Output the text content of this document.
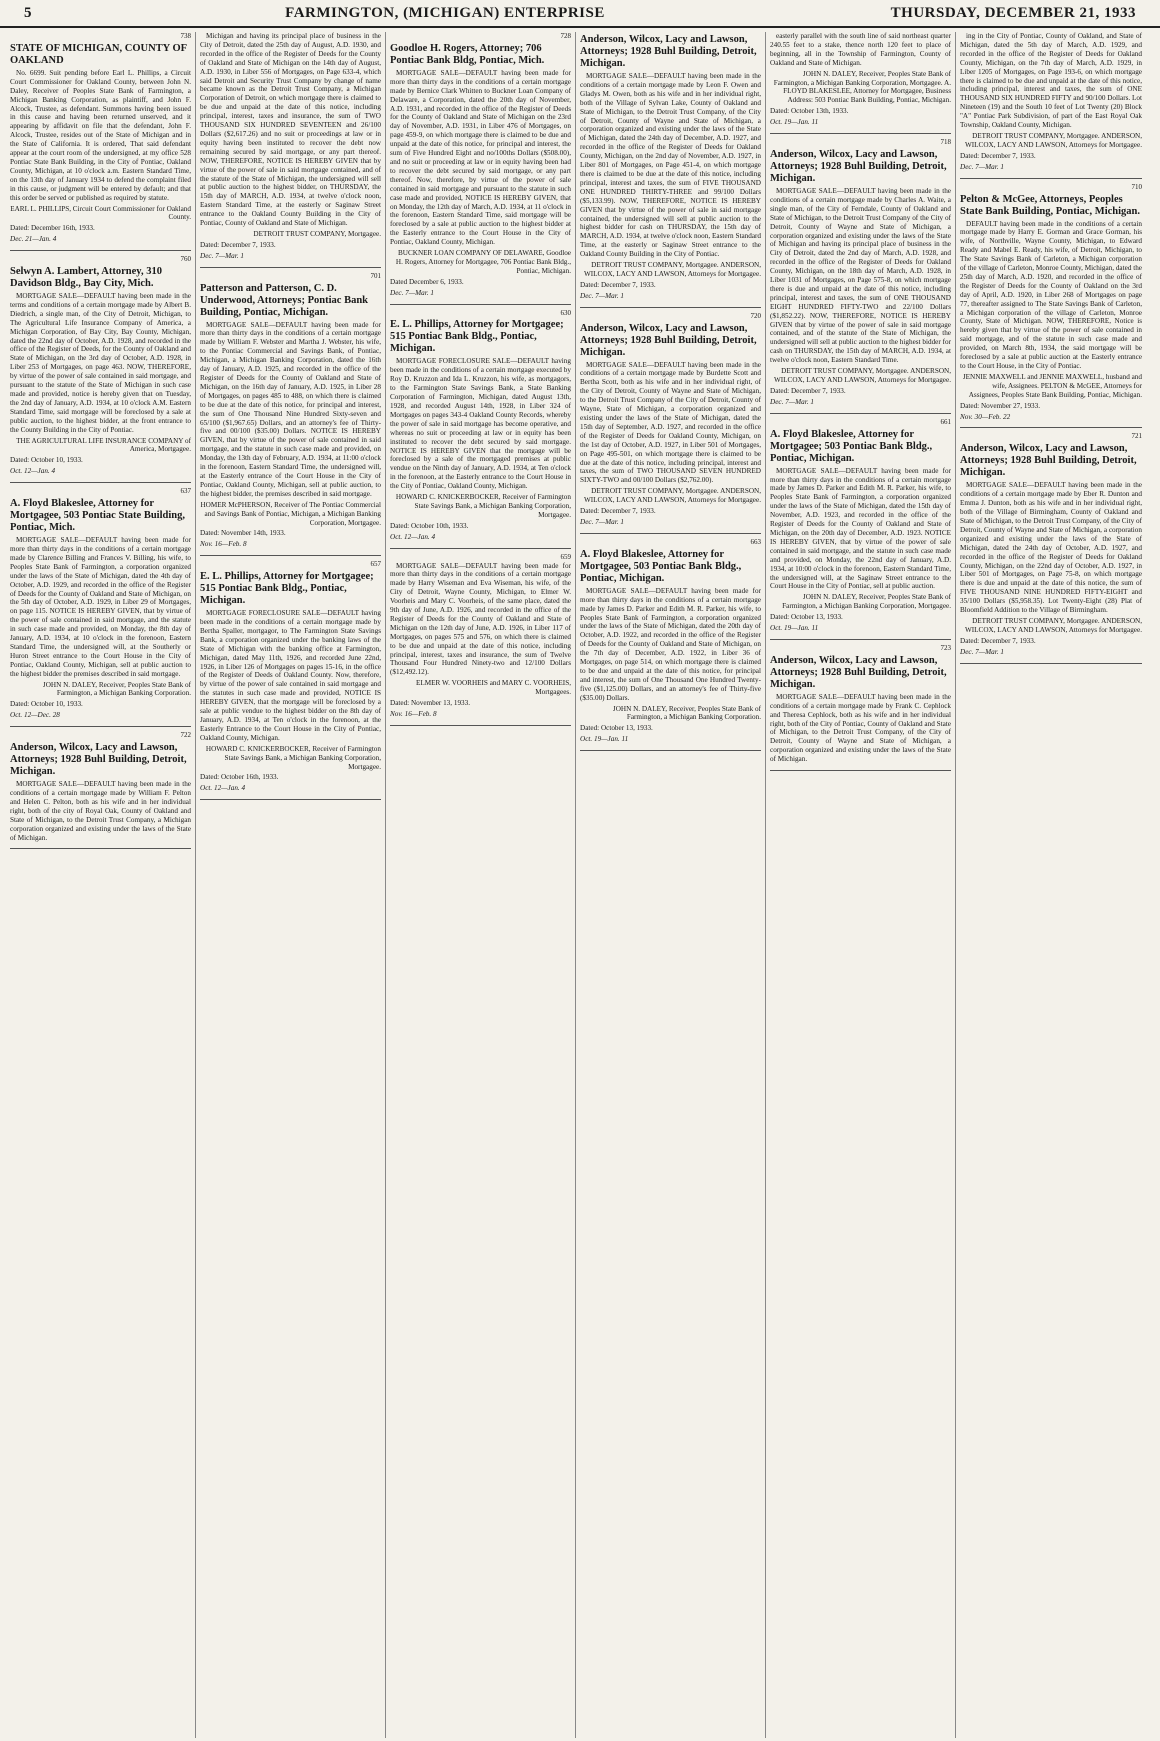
5	FARMINGTON, (MICHIGAN) ENTERPRISE	THURSDAY, DECEMBER 21, 1933
738
STATE OF MICHIGAN, COUNTY OF OAKLAND

No. 6699. Suit pending before Earl L. Phillips, a Circuit Court Commissioner for Oakland County, between John N. Daley, Receiver of Peoples State Bank of Farmington, a Michigan Banking Corporation, as plaintiff, and John F. Alcock, Trustee, as defendant. Summons having been issued in this cause and having been returned unserved, and it appearing by affidavit on file that the defendant, John F. Alcock, Trustee, resides out of the State of Michigan and in the State of California. It is ordered, That said defendant appear at the court room of the undersigned, at my office 528 Pontiac State Bank Building, in the City of Pontiac, Oakland County, Michigan, at 10 o'clock a.m. Eastern Standard Time, on the 13th day of January 1934 to defend the complaint filed in this cause, or judgment will be entered by default; and that this order be served or published as required by statute.

EARL L. PHILLIPS, Circuit Court Commissioner for Oakland County.
Dated: December 16th, 1933.
Dec. 21—Jan. 4
760
Selwyn A. Lambert, Attorney, 310 Davidson Bldg., Bay City, Mich.

MORTGAGE SALE—DEFAULT having been made in the terms and conditions of a certain mortgage made by Albert B. Diedrich, a single man, of the City of Detroit, Michigan, to The Agricultural Life Insurance Company of America, a Michigan Corporation, of Bay City, Bay County, Michigan, dated the 22nd day of October, A.D. 1928, and recorded in the office of the Register of Deeds, for the County of Oakland and State of Michigan, on the 3rd day of October, A.D. 1928, in Liber 253 of Mortgages, on page 463. NOW, THEREFORE, by virtue of the power of sale contained in said mortgage, and pursuant to the statute of the State of Michigan in such case made and provided, notice is hereby given that on Tuesday, the 2nd day of January, A.D. 1934, at 10 o'clock A.M. Eastern Standard Time, said mortgage will be foreclosed by a sale at public auction, to the highest bidder, at the front entrance to the County Building in the City of Pontiac.

THE AGRICULTURAL LIFE INSURANCE COMPANY of America, Mortgagee.
Dated: October 10, 1933.
Oct. 12—Jan. 4
637
A. Floyd Blakeslee, Attorney for Mortgagee, 503 Pontiac State Building, Pontiac, Mich.

MORTGAGE SALE—DEFAULT having been made for more than thirty days in the conditions of a certain mortgage made by Clarence Billing and Frances V. Billing, his wife, to Peoples State Bank of Farmington, a corporation organized under the laws of the State of Michigan, dated the 4th day of October, A.D. 1929, and recorded in the office of the Register of Deeds for the County of Oakland and State of Michigan, on the 5th day of October, A.D. 1929, in Liber 29 of Mortgages, on page 115. NOTICE IS HEREBY GIVEN, that by virtue of the power of sale contained in said mortgage, and the statute in such case made and provided, on Monday, the 8th day of January, A.D. 1934, at 10 o'clock in the forenoon, Eastern Standard Time, the undersigned will, at the Southerly or Huron Street entrance to the Court House in the City of Pontiac, Oakland County, Michigan, sell at public auction to the highest bidder the premises described in said mortgage.

JOHN N. DALEY, Receiver, Peoples State Bank of Farmington, a Michigan Banking Corporation.
Dated: October 10, 1933.
Oct. 12—Dec. 28
722
Anderson, Wilcox, Lacy and Lawson, Attorneys; 1928 Buhl Building, Detroit, Michigan.

MORTGAGE SALE—DEFAULT having been made in the conditions of a certain mortgage made by William F. Pelton and Helen C. Pelton, both as his wife and in her individual right, both of the city of Royal Oak, County of Oakland and State of Michigan, to the Detroit Trust Company, a Michigan corporation organized and existing under the laws of the State of Michigan.

Michigan and having its principal place of business in the City of Detroit, dated the 25th day of August, A.D. 1930, and recorded in the office of the Register of Deeds for the County of Oakland and State of Michigan on the 14th day of August, A.D. 1930, in Liber 556 of Mortgages, on Page 633-4, which said Detroit and Security Trust Company by change of name became known as the Detroit Trust Company, a Michigan Corporation of Detroit, on which mortgage there is claimed to be due and unpaid at the date of this notice, including principal, interest, taxes and insurance, the sum of TWO THOUSAND SIX HUNDRED SEVENTEEN and 26/100 Dollars ($2,617.26) and no suit or proceedings at law or in equity having been instituted to recover the debt now remaining secured by said mortgage, or any part thereof. NOW, THEREFORE, NOTICE IS HEREBY GIVEN that by virtue of the power of sale in said mortgage contained, and of the statute of the State of Michigan, the undersigned will sell at public auction to the highest bidder, on THURSDAY, the 15th day of MARCH, A.D. 1934, at twelve o'clock noon, Eastern Standard Time, at the easterly or Saginaw Street entrance to the Oakland County Building in the City of Pontiac, County of Oakland and State of Michigan.

DETROIT TRUST COMPANY, Mortgagee.
Dated: December 7, 1933.
Dec. 7—Mar. 1
701
Patterson and Patterson, C. D. Underwood, Attorneys; Pontiac Bank Building, Pontiac, Michigan.

MORTGAGE SALE—DEFAULT having been made for more than thirty days in the conditions of a certain mortgage made by William F. Webster and Martha J. Webster, his wife, to the Pontiac Commercial and Savings Bank, of Pontiac, Michigan, a Michigan Banking Corporation, dated the 16th day of January, A.D. 1925, and recorded in the office of the Register of Deeds for the County of Oakland and State of Michigan, on the 16th day of January, A.D. 1925, in Liber 28 of Mortgages, on pages 485 to 488, on which there is claimed to be due at the date of this notice, for principal and interest, the sum of One Thousand Nine Hundred Sixty-seven and 65/100 ($1,967.65) Dollars, and an attorney's fee of Thirty-five and 00/100 ($35.00) Dollars. NOTICE IS HEREBY GIVEN, that by virtue of the power of sale contained in said mortgage, and the statute in such case made and provided, on Monday, the 13th day of February, A.D. 1934, at 11:00 o'clock in the forenoon, Eastern Standard Time, the undersigned will, at the Easterly entrance of the Court House in the City of Pontiac, Oakland County, Michigan, sell at public auction, to the highest bidder, the premises described in said mortgage.

HOMER McPHERSON, Receiver of The Pontiac Commercial and Savings Bank of Pontiac, Michigan, a Michigan Banking Corporation, Mortgagee.
Dated: November 14th, 1933.
Nov. 16—Feb. 8
657
E. L. Phillips, Attorney for Mortgagee; 515 Pontiac Bank Bldg., Pontiac, Michigan.

MORTGAGE FORECLOSURE SALE—DEFAULT having been made in the conditions of a certain mortgage made by Bertha Spaller, mortgagor, to The Farmington State Savings Bank, a corporation organized under the banking laws of the State of Michigan with the banking office at Farmington, Michigan, dated May 11th, 1926, and recorded June 22nd, 1926, in Liber 126 of Mortgages on pages 15-16, in the office of the Register of Deeds of Oakland County. Now, therefore, by virtue of the power of sale contained in said mortgage and the statutes in such case made and provided, NOTICE IS HEREBY GIVEN, that the mortgage will be foreclosed by a sale at public vendue to the highest bidder on the 8th day of January, A.D. 1934, at Ten o'clock in the forenoon, at the Easterly Entrance to the Court House in the City of Pontiac, Oakland County, Michigan.

HOWARD C. KNICKERBOCKER, Receiver of Farmington State Savings Bank, a Michigan Banking Corporation, Mortgagee.
Dated: October 16th, 1933.
Oct. 12—Jan. 4
728
Goodloe H. Rogers, Attorney; 706 Pontiac Bank Bldg, Pontiac, Mich.

MORTGAGE SALE—DEFAULT having been made for more than thirty days in the conditions of a certain mortgage made by Bernice Clark Whitten to Buckner Loan Company of Delaware, a Corporation, dated the 20th day of November, A.D. 1931, and recorded in the office of the Register of Deeds for the County of Oakland and State of Michigan on the 23rd day of November, A.D. 1931, in Liber 476 of Mortgages, on page 459-9, on which mortgage there is claimed to be due and unpaid at the date of this notice, for principal and interest, the sum of Five Hundred Eight and no/100ths Dollars ($508.00), and no suit or proceeding at law or in equity having been had to recover the debt secured by said mortgage, or any part thereof. Now, therefore, by virtue of the power of sale contained in said mortgage and pursuant to the statute in such case made and provided, NOTICE IS HEREBY GIVEN, that on Monday, the 12th day of March, A.D. 1934, at 11 o'clock in the forenoon, Eastern Standard Time, said mortgage will be foreclosed by a sale at public auction to the highest bidder at the Easterly entrance to the Court House in the City of Pontiac, Oakland County, Michigan.

BUCKNER LOAN COMPANY OF DELAWARE, Goodloe H. Rogers, Attorney for Mortgagee, 706 Pontiac Bank Bldg., Pontiac, Michigan.
Dated December 6, 1933.
Dec. 7—Mar. 1
630
E. L. Phillips, Attorney for Mortgagee; 515 Pontiac Bank Bldg., Pontiac, Michigan.

MORTGAGE FORECLOSURE SALE—DEFAULT having been made in the conditions of a certain mortgage executed by Roy D. Kruzzon and Ida L. Kruzzon, his wife, as mortgagors, to the Farmington State Savings Bank, a State Banking Corporation of Farmington, Michigan, dated August 13th, 1928, and recorded August 14th, 1928, in Liber 324 of Mortgages on pages 343-4 Oakland County Records, whereby the power of sale in said mortgage has become operative, and whereas no suit or proceeding at law or in equity has been instituted to recover the debt secured by said mortgage. NOTICE IS HEREBY GIVEN that the mortgage will be foreclosed by a sale of the mortgaged premises at public vendue on the Ninth day of January, A.D. 1934, at Ten o'clock in the forenoon, at the Easterly entrance to the Court House in the City of Pontiac, Oakland County, Michigan.

HOWARD C. KNICKERBOCKER, Receiver of Farmington State Savings Bank, a Michigan Banking Corporation, Mortgagee.
Dated: October 10th, 1933.
Oct. 12—Jan. 4
659

MORTGAGE SALE—DEFAULT having been made for more than thirty days in the conditions of a certain mortgage made by Harry Wiseman and Eva Wiseman, his wife, of the City of Detroit, Wayne County, Michigan, to Elmer W. Voorheis and Mary C. Voorheis, of the same place, dated the 9th day of June, A.D. 1926, and recorded in the office of the Register of Deeds for the County of Oakland and State of Michigan on the 12th day of June, A.D. 1926, in Liber 117 of Mortgages, on pages 575 and 576, on which there is claimed to be due and unpaid at the date of this notice, including principal, interest, taxes and insurance, the sum of Twelve Thousand Four Hundred Ninety-two and 12/100 Dollars ($12,492.12).

ELMER W. VOORHEIS and MARY C. VOORHEIS, Mortgagees.
Dated: November 13, 1933.
Nov. 16—Feb. 8
Anderson, Wilcox, Lacy and Lawson, Attorneys; 1928 Buhl Building, Detroit, Michigan.

MORTGAGE SALE—DEFAULT having been made in the conditions of a certain mortgage made by Leon F. Owen and Gladys M. Owen, both as his wife and in her individual right, both of the Village of Sylvan Lake, County of Oakland and State of Michigan, to the Detroit Trust Company, of the City of Detroit, County of Wayne and State of Michigan, a corporation organized and existing under the laws of the State of Michigan, dated the 24th day of December, A.D. 1927, and recorded in the office of the Register of Deeds for Oakland County, Michigan, on the 2nd day of November, A.D. 1927, in Liber 801 of Mortgages, on Page 451-4, on which mortgage there is claimed to be due at the date of this notice, including principal, interest and taxes, the sum of FIVE THOUSAND ONE HUNDRED THIRTY-THREE and 99/100 Dollars ($5,133.99). NOW, THEREFORE, NOTICE IS HEREBY GIVEN that by virtue of the power of sale in said mortgage contained, the undersigned will sell at public auction to the highest bidder for cash on THURSDAY, the 15th day of MARCH, A.D. 1934, at twelve o'clock noon, Eastern Standard Time, at the easterly or Saginaw Street entrance to the Oakland County Building in the City of Pontiac.

DETROIT TRUST COMPANY, Mortgagee. ANDERSON, WILCOX, LACY AND LAWSON, Attorneys for Mortgagee.
Dated: December 7, 1933.
Dec. 7—Mar. 1
720
Anderson, Wilcox, Lacy and Lawson, Attorneys; 1928 Buhl Building, Detroit, Michigan.

MORTGAGE SALE—DEFAULT having been made in the conditions of a certain mortgage made by Burdette Scott and Bertha Scott, both as his wife and in her individual right, of the City of Detroit, County of Wayne and State of Michigan, to the Detroit Trust Company of the City of Detroit, County of Wayne, State of Michigan, a corporation organized and existing under the laws of the State of Michigan, dated the 15th day of September, A.D. 1927, and recorded in the office of the Register of Deeds for Oakland County, Michigan, on the 1st day of October, A.D. 1927, in Liber 501 of Mortgages, on Page 495-501, on which mortgage there is claimed to be due at the date of this notice, including principal, interest and taxes, the sum of TWO THOUSAND SEVEN HUNDRED SIXTY-TWO and 00/100 Dollars ($2,762.00).

DETROIT TRUST COMPANY, Mortgagee. ANDERSON, WILCOX, LACY AND LAWSON, Attorneys for Mortgagee.
Dated: December 7, 1933.
Dec. 7—Mar. 1
663
A. Floyd Blakeslee, Attorney for Mortgagee, 503 Pontiac Bank Bldg., Pontiac, Michigan.

MORTGAGE SALE—DEFAULT having been made for more than thirty days in the conditions of a certain mortgage made by James D. Parker and Edith M. R. Parker, his wife, to Peoples State Bank of Farmington, a corporation organized under the laws of the State of Michigan, dated the 20th day of October, A.D. 1922, and recorded in the office of the Register of Deeds for the County of Oakland and State of Michigan, on the 7th day of December, A.D. 1922, in Liber 36 of Mortgages, on page 514, on which mortgage there is claimed to be due and unpaid at the date of this notice, for principal and interest, the sum of One Thousand One Hundred Twenty-five ($1,125.00) Dollars, and an attorney's fee of Thirty-five ($35.00) Dollars.

JOHN N. DALEY, Receiver, Peoples State Bank of Farmington, a Michigan Banking Corporation.
Dated: October 13, 1933.
Oct. 19—Jan. 11

easterly parallel with the south line of said northeast quarter 240.55 feet to a stake, thence north 120 feet to place of beginning, all in the Township of Farmington, County of Oakland and State of Michigan.

JOHN N. DALEY, Receiver, Peoples State Bank of Farmington, a Michigan Banking Corporation, Mortgagee. A. FLOYD BLAKESLEE, Attorney for Mortgagee, Business Address: 503 Pontiac Bank Building, Pontiac, Michigan.
Dated: October 13th, 1933.
Oct. 19—Jan. 11
718
Anderson, Wilcox, Lacy and Lawson, Attorneys; 1928 Buhl Building, Detroit, Michigan.

MORTGAGE SALE—DEFAULT having been made in the conditions of a certain mortgage made by Charles A. Waite, a single man, of the City of Ferndale, County of Oakland and State of Michigan, to the Detroit Trust Company of the City of Detroit, County of Wayne and State of Michigan, a corporation organized and existing under the laws of the State of Michigan and having its principal place of business in the City of Detroit, dated the 2nd day of March, A.D. 1928, and recorded in the office of the Register of Deeds for Oakland County, Michigan, on the 18th day of March, A.D. 1928, in Liber 1031 of Mortgages, on Page 575-8, on which mortgage there is due and unpaid at the date of this notice, including principal, interest and taxes, the sum of ONE THOUSAND EIGHT HUNDRED FIFTY-TWO and 22/100 Dollars ($1,852.22). NOW, THEREFORE, NOTICE IS HEREBY GIVEN that by virtue of the power of sale in said mortgage contained, and of the statute of the State of Michigan, the undersigned will sell at public auction to the highest bidder for cash on THURSDAY, the 15th day of MARCH, A.D. 1934, at twelve o'clock noon, Eastern Standard Time.

DETROIT TRUST COMPANY, Mortgagee. ANDERSON, WILCOX, LACY AND LAWSON, Attorneys for Mortgagee.
Dated: December 7, 1933.
Dec. 7—Mar. 1
661
A. Floyd Blakeslee, Attorney for Mortgagee; 503 Pontiac Bank Bldg., Pontiac, Michigan.

MORTGAGE SALE—DEFAULT having been made for more than thirty days in the conditions of a certain mortgage made by James D. Parker and Edith M. R. Parker, his wife, to Peoples State Bank of Farmington, a corporation organized under the laws of the State of Michigan, dated the 15th day of November, A.D. 1923, and recorded in the office of the Register of Deeds for the County of Oakland and State of Michigan, on the 20th day of December, A.D. 1923. NOTICE IS HEREBY GIVEN, that by virtue of the power of sale contained in said mortgage, and the statute in such case made and provided, on Monday, the 22nd day of January, A.D. 1934, at 10:00 o'clock in the forenoon, Eastern Standard Time, the undersigned will, at the Saginaw Street entrance to the Court House in the City of Pontiac, sell at public auction.

JOHN N. DALEY, Receiver, Peoples State Bank of Farmington, a Michigan Banking Corporation, Mortgagee.
Dated: October 13, 1933.
Oct. 19—Jan. 11
723
Anderson, Wilcox, Lacy and Lawson, Attorneys; 1928 Buhl Building, Detroit, Michigan.

MORTGAGE SALE—DEFAULT having been made in the conditions of a certain mortgage made by Frank C. Cephlock and Theresa Cephlock, both as his wife and in her individual right, both of the City of Pontiac, County of Oakland and State of Michigan, to the Detroit Trust Company, of the City of Detroit, County of Wayne and State of Michigan, a corporation organized and existing under the laws of the State of Michigan.

ing in the City of Pontiac, County of Oakland, and State of Michigan, dated the 5th day of March, A.D. 1929, and recorded in the office of the Register of Deeds for Oakland County, Michigan, on the 7th day of March, A.D. 1929, in Liber 1205 of Mortgages, on Page 193-6, on which mortgage there is claimed to be due and unpaid at the date of this notice, including principal, interest and taxes, the sum of ONE THOUSAND SIX HUNDRED FIFTY and 90/100 Dollars. Lot Nineteen (19) and the South 10 feet of Lot Twenty (20) Block "A" Pontiac Park Subdivision, of part of the East Royal Oak Township, Oakland County, Michigan.

DETROIT TRUST COMPANY, Mortgagee. ANDERSON, WILCOX, LACY AND LAWSON, Attorneys for Mortgagee.
Dated: December 7, 1933.
Dec. 7—Mar. 1
710
Pelton & McGee, Attorneys, Peoples State Bank Building, Pontiac, Michigan.

DEFAULT having been made in the conditions of a certain mortgage made by Harry E. Gorman and Grace Gorman, his wife, of Northville, Wayne County, Michigan, to Edward Ready and Mabel E. Ready, his wife, of Detroit, Michigan, to The State Savings Bank of Carleton, a Michigan corporation of the village of Carleton, Monroe County, Michigan, dated the 25th day of March, A.D. 1920, and recorded in the office of the Register of Deeds for the County of Oakland on the 3rd day of April, A.D. 1920, in Liber 268 of Mortgages on page 77, thereafter assigned to The State Savings Bank of Carleton, a Michigan corporation of the village of Carleton, Monroe County, State of Michigan. NOW, THEREFORE, Notice is hereby given that by virtue of the power of sale contained in said mortgage, and of the statute in such case made and provided, on March 8th, 1934, the said mortgage will be foreclosed by a sale at public auction at the Easterly entrance to the Court House, in the City of Pontiac.

JENNIE MAXWELL and JENNIE MAXWELL, husband and wife, Assignees. PELTON & McGEE, Attorneys for Assignees, Peoples State Bank Building, Pontiac, Michigan.
Dated: November 27, 1933.
Nov. 30—Feb. 22
721
Anderson, Wilcox, Lacy and Lawson, Attorneys; 1928 Buhl Building, Detroit, Michigan.

MORTGAGE SALE—DEFAULT having been made in the conditions of a certain mortgage made by Eber R. Dunton and Emma J. Dunton, both as his wife and in her individual right, both of the Village of Birmingham, County of Oakland and State of Michigan, to the Detroit Trust Company, of the City of Detroit, County of Wayne and State of Michigan, a corporation organized and existing under the laws of the State of Michigan, dated the 24th day of October, A.D. 1927, and recorded in the office of the Register of Deeds for Oakland County, Michigan, on the 22nd day of October, A.D. 1927, in Liber 501 of Mortgages, on Page 75-8, on which mortgage there is due and unpaid at the date of this notice, the sum of FIVE THOUSAND NINE HUNDRED FIFTY-EIGHT and 35/100 Dollars ($5,958.35). Lot Twenty-Eight (28) Plat of Bloomfield Addition to the Village of Birmingham.

DETROIT TRUST COMPANY, Mortgagee. ANDERSON, WILCOX, LACY AND LAWSON, Attorneys for Mortgagee.
Dated: December 7, 1933.
Dec. 7—Mar. 1
